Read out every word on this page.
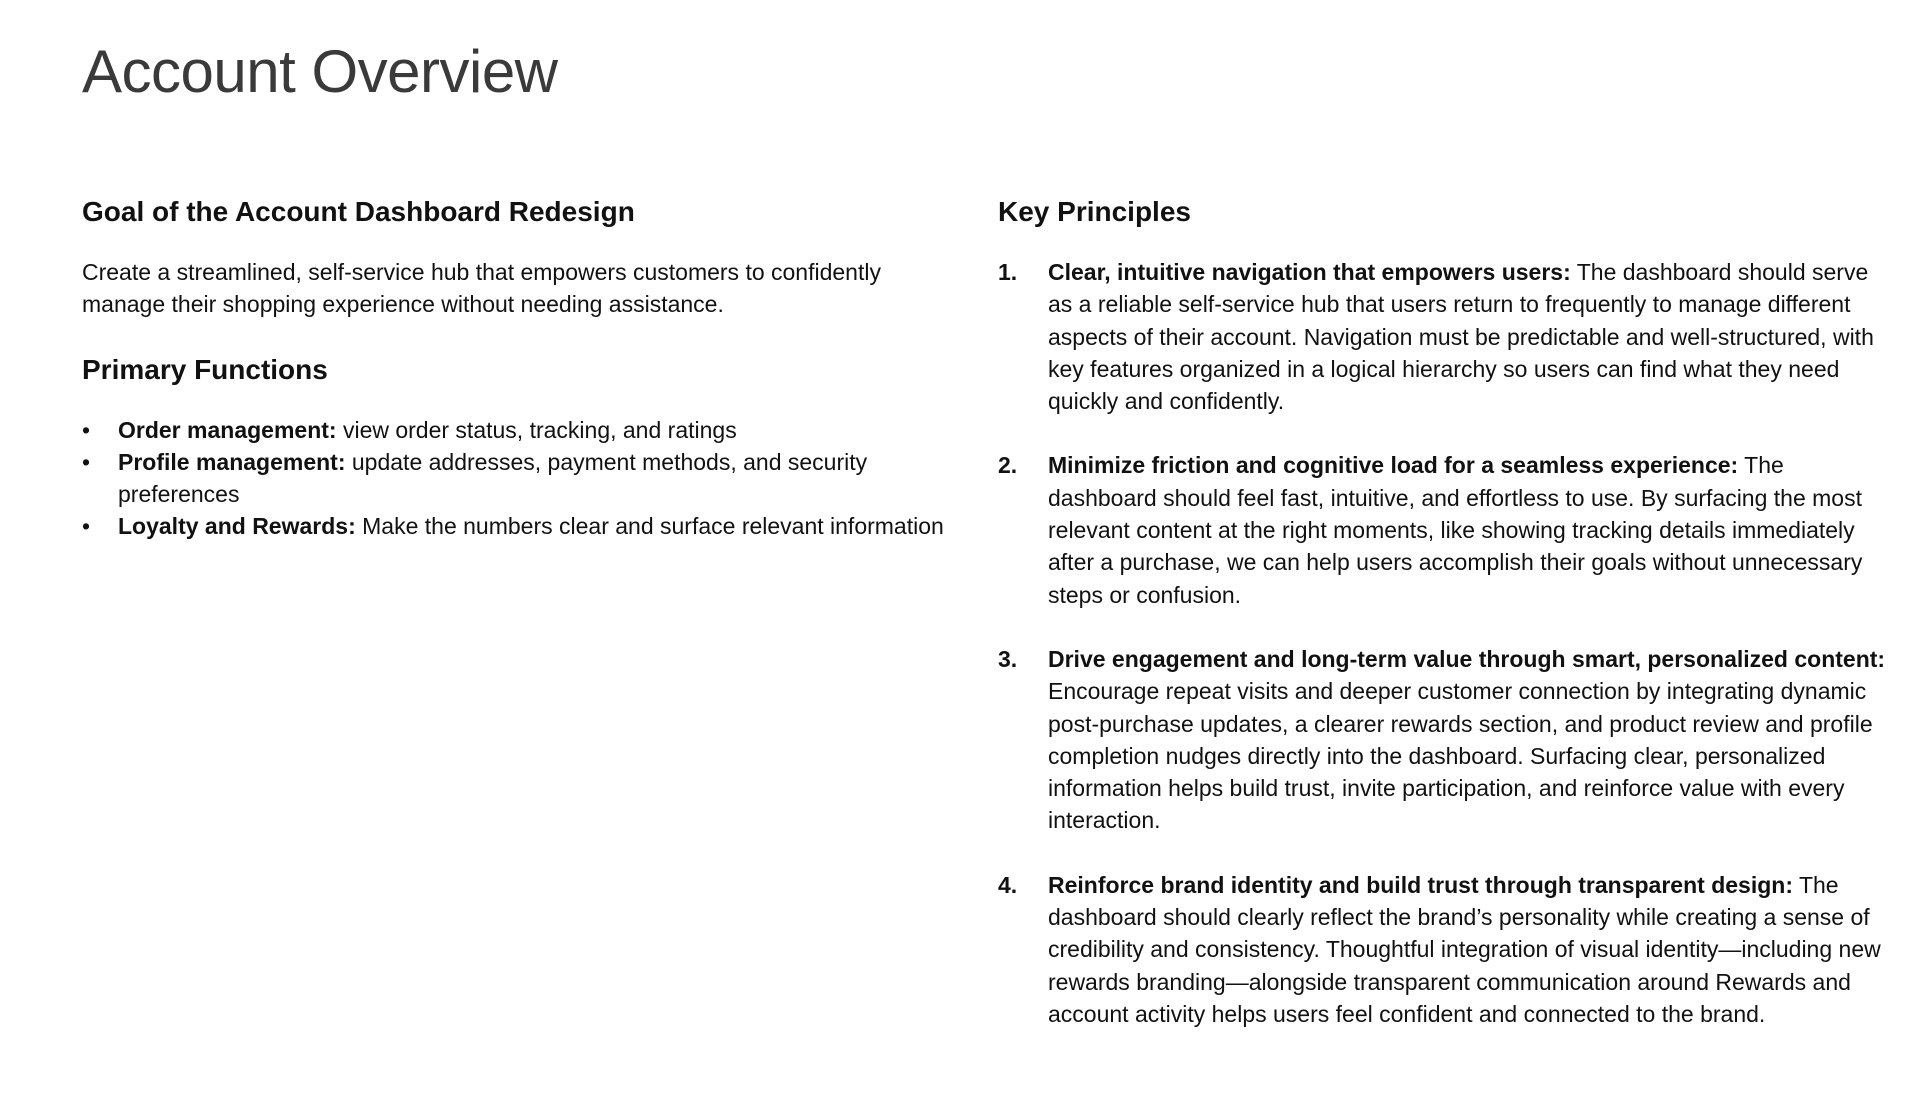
Account Overview
Goal of the Account Dashboard Redesign

Create a streamlined, self-service hub that empowers customers to confidently manage their shopping experience without needing assistance.

Primary Functions
•	Order management: view order status, tracking, and ratings
•	Profile management: update addresses, payment methods, and security preferences
•	Loyalty and Rewards: Make the numbers clear and surface relevant information
Key Principles
1. Clear, intuitive navigation that empowers users: The dashboard should serve as a reliable self-service hub that users return to frequently to manage different aspects of their account. Navigation must be predictable and well-structured, with key features organized in a logical hierarchy so users can find what they need quickly and confidently.
2. Minimize friction and cognitive load for a seamless experience: The dashboard should feel fast, intuitive, and effortless to use. By surfacing the most relevant content at the right moments, like showing tracking details immediately after a purchase, we can help users accomplish their goals without unnecessary steps or confusion.
3. Drive engagement and long-term value through smart, personalized content: Encourage repeat visits and deeper customer connection by integrating dynamic post-purchase updates, a clearer rewards section, and product review and profile completion nudges directly into the dashboard. Surfacing clear, personalized information helps build trust, invite participation, and reinforce value with every interaction.
4. Reinforce brand identity and build trust through transparent design: The dashboard should clearly reflect the brand’s personality while creating a sense of credibility and consistency. Thoughtful integration of visual identity—including new rewards branding—alongside transparent communication around Rewards and account activity helps users feel confident and connected to the brand.
